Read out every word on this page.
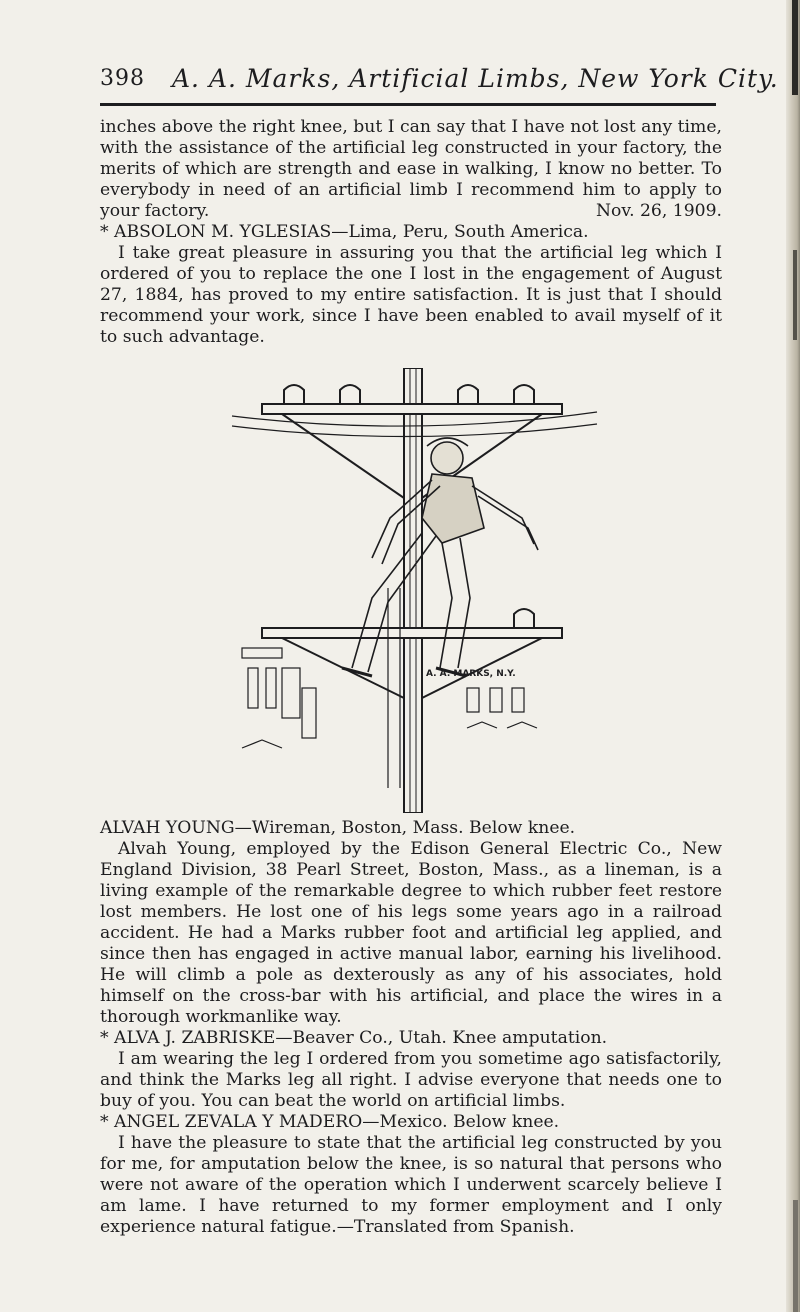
398 A. A. Marks, Artificial Limbs, New York City.

inches above the right knee, but I can say that I have not lost any time, with the assistance of the artificial leg constructed in your factory, the merits of which are strength and ease in walking, I know no better. To everybody in need of an artificial limb I recommend him to apply to your factory.	Nov. 26, 1909.

* ABSOLON M. YGLESIAS—Lima, Peru, South America.

I take great pleasure in assuring you that the artificial leg which I ordered of you to replace the one I lost in the engagement of August 27, 1884, has proved to my entire satisfaction. It is just that I should recommend your work, since I have been enabled to avail myself of it to such advantage.

A. A. MARKS, N.Y.

ALVAH YOUNG—Wireman, Boston, Mass. Below knee.

Alvah Young, employed by the Edison General Electric Co., New England Division, 38 Pearl Street, Boston, Mass., as a lineman, is a living example of the remarkable degree to which rubber feet restore lost members. He lost one of his legs some years ago in a railroad accident. He had a Marks rubber foot and artificial leg applied, and since then has engaged in active manual labor, earning his livelihood. He will climb a pole as dexterously as any of his associates, hold himself on the cross-bar with his artificial, and place the wires in a thorough workmanlike way.

* ALVA J. ZABRISKE—Beaver Co., Utah. Knee amputation.

I am wearing the leg I ordered from you sometime ago satisfactorily, and think the Marks leg all right. I advise everyone that needs one to buy of you. You can beat the world on artificial limbs.

* ANGEL ZEVALA Y MADERO—Mexico. Below knee.

I have the pleasure to state that the artificial leg constructed by you for me, for amputation below the knee, is so natural that persons who were not aware of the operation which I underwent scarcely believe I am lame. I have returned to my former employment and I only experience natural fatigue.—Translated from Spanish.
